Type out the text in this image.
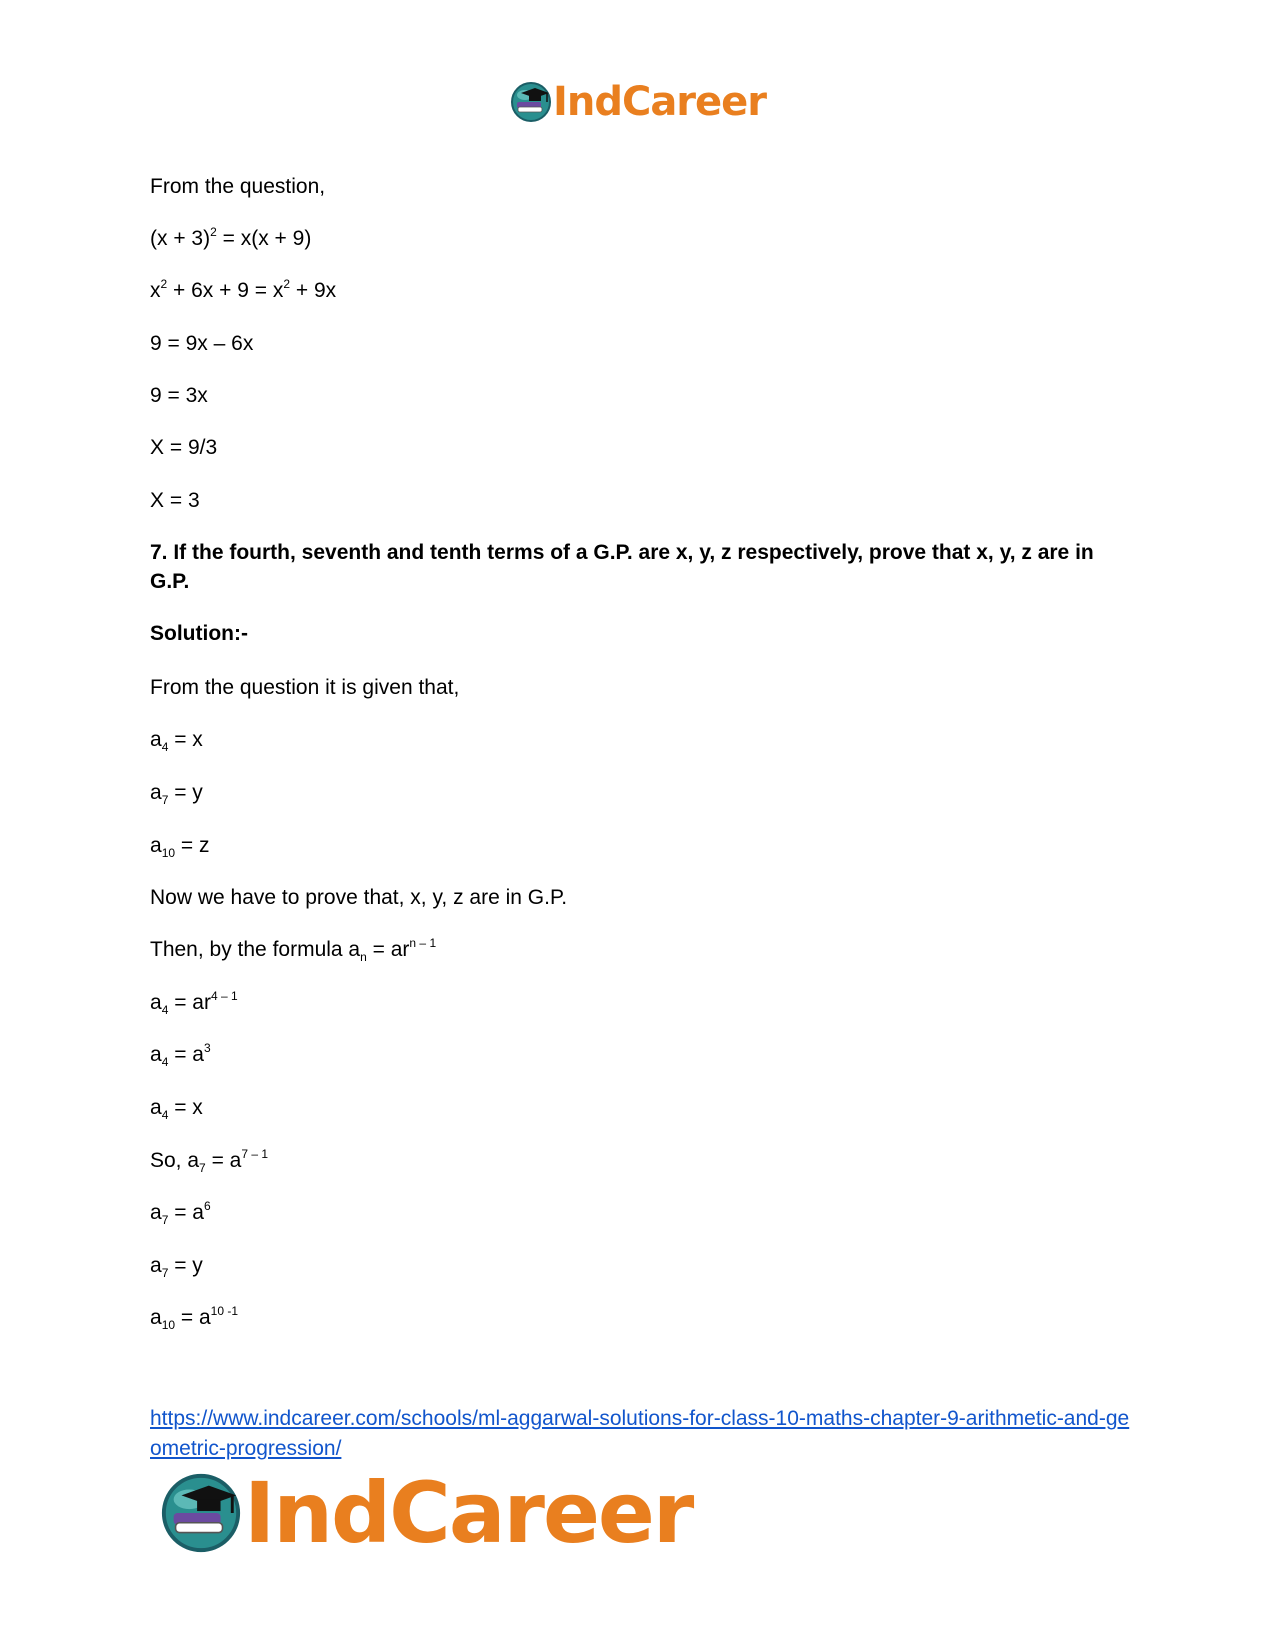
IndCareer

From the question,

$(x + 3)^2 = x(x + 9)$

$x^2 + 6x + 9 = x^2 + 9x$

9 = 9x – 6x

9 = 3x

X = 9/3

X = 3

7. If the fourth, seventh and tenth terms of a G.P. are x, y, z respectively, prove that x, y, z are in G.P.

Solution:-

From the question it is given that,

$a_4 = x$

$a_7 = y$

$a_{10} = z$

Now we have to prove that, x, y, z are in G.P.

Then, by the formula $a_n = ar^{n - 1}$

$a_4 = ar^{4 - 1}$

$a_4 = a^3$

$a_4 = x$

So, $a_7 = a^{7 - 1}$

$a_7 = a^6$

$a_7 = y$

$a_{10} = a^{10 -1}$

https://www.indcareer.com/schools/ml-aggarwal-solutions-for-class-10-maths-chapter-9-arithmetic-and-geometric-progression/
IndCareer
